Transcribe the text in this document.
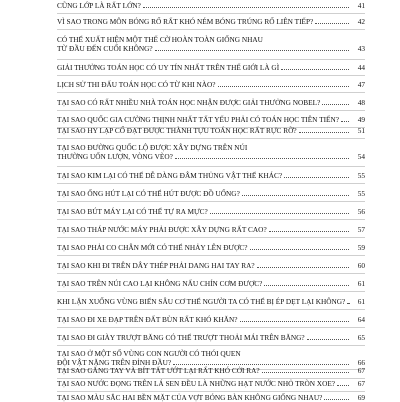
CŨNG LỚP LÀ RẤT LỚN?	41
VÌ SAO TRONG MÔN BÓNG RỔ RẤT KHÓ NÉM BÓNG TRÚNG RỔ LIÊN TIẾP?	42
CÓ THỂ XUẤT HIỆN MỘT THẾ CỜ HOÀN TOÀN GIỐNG NHAU
TỪ ĐẦU ĐẾN CUỐI KHÔNG?	43
GIẢI THƯỞNG TOÁN HỌC CÓ UY TÍN NHẤT TRÊN THẾ GIỚI LÀ GÌ	44
LỊCH SỬ THI ĐẤU TOÁN HỌC CÓ TỪ KHI NÀO?	47
TẠI SAO CÓ RẤT NHIỀU NHÀ TOÁN HỌC NHẬN ĐƯỢC GIẢI THƯỞNG NOBEL?	48
TẠI SAO QUỐC GIA CƯỜNG THỊNH NHẤT TẤT YẾU PHẢI CÓ TOÁN HỌC TIÊN TIẾN?	49
TẠI SAO HY LẠP CỔ ĐẠT ĐƯỢC THÀNH TỰU TOÁN HỌC RẤT RỰC RỠ?	51
TẠI SAO ĐƯỜNG QUỐC LỘ ĐƯỢC XÂY DỰNG TRÊN NÚI
THƯỜNG UỐN LƯỢN, VÒNG VÈO?	54
TẠI SAO KIM LẠI CÓ THỂ DỄ DÀNG ĐÂM THỦNG VẬT THỂ KHÁC?	55
TẠI SAO ỐNG HÚT LẠI CÓ THỂ HÚT ĐƯỢC ĐỒ UỐNG?	55
TẠI SAO BÚT MÁY LẠI CÓ THỂ TỰ RA MỰC?	56
TẠI SAO THÁP NƯỚC MÁY PHẢI ĐƯỢC XÂY DỰNG RẤT CAO?	57
TẠI SAO PHẢI CO CHÂN MỚI CÓ THỂ NHẢY LÊN ĐƯỢC?	59
TẠI SAO KHI ĐI TRÊN DÂY THÉP PHẢI DANG HAI TAY RA?	60
TẠI SAO TRÊN NÚI CAO LẠI KHÔNG NẤU CHÍN CƠM ĐƯỢC?	61
KHI LẶN XUỐNG VÙNG BIỂN SÂU CƠ THỂ NGƯỜI TA CÓ THỂ BỊ ÉP DẸT LẠI KHÔNG?	61
TẠI SAO ĐI XE ĐẠP TRÊN ĐẤT BÙN RẤT KHÓ KHĂN?	64
TẠI SAO ĐI GIÀY TRƯỢT BĂNG CÓ THỂ TRƯỢT THOẢI MÁI TRÊN BĂNG?	65
TẠI SAO Ở MỘT SỐ VÙNG CON NGƯỜI CÓ THÓI QUEN
ĐỘI VẬT NẶNG TRÊN ĐỈNH ĐẦU?	66
TẠI SAO GĂNG TAY VÀ BÍT TẤT ƯỚT LẠI RẤT KHÓ CỞI RA?	67
TẠI SAO NƯỚC ĐỌNG TRÊN LÁ SEN ĐỀU LÀ NHỮNG HẠT NƯỚC NHỎ TRÒN XOE?	67
TẠI SAO MÀU SẮC HAI BỀN MẶT CỦA VỢT BÓNG BÀN KHÔNG GIỐNG NHAU?	69
